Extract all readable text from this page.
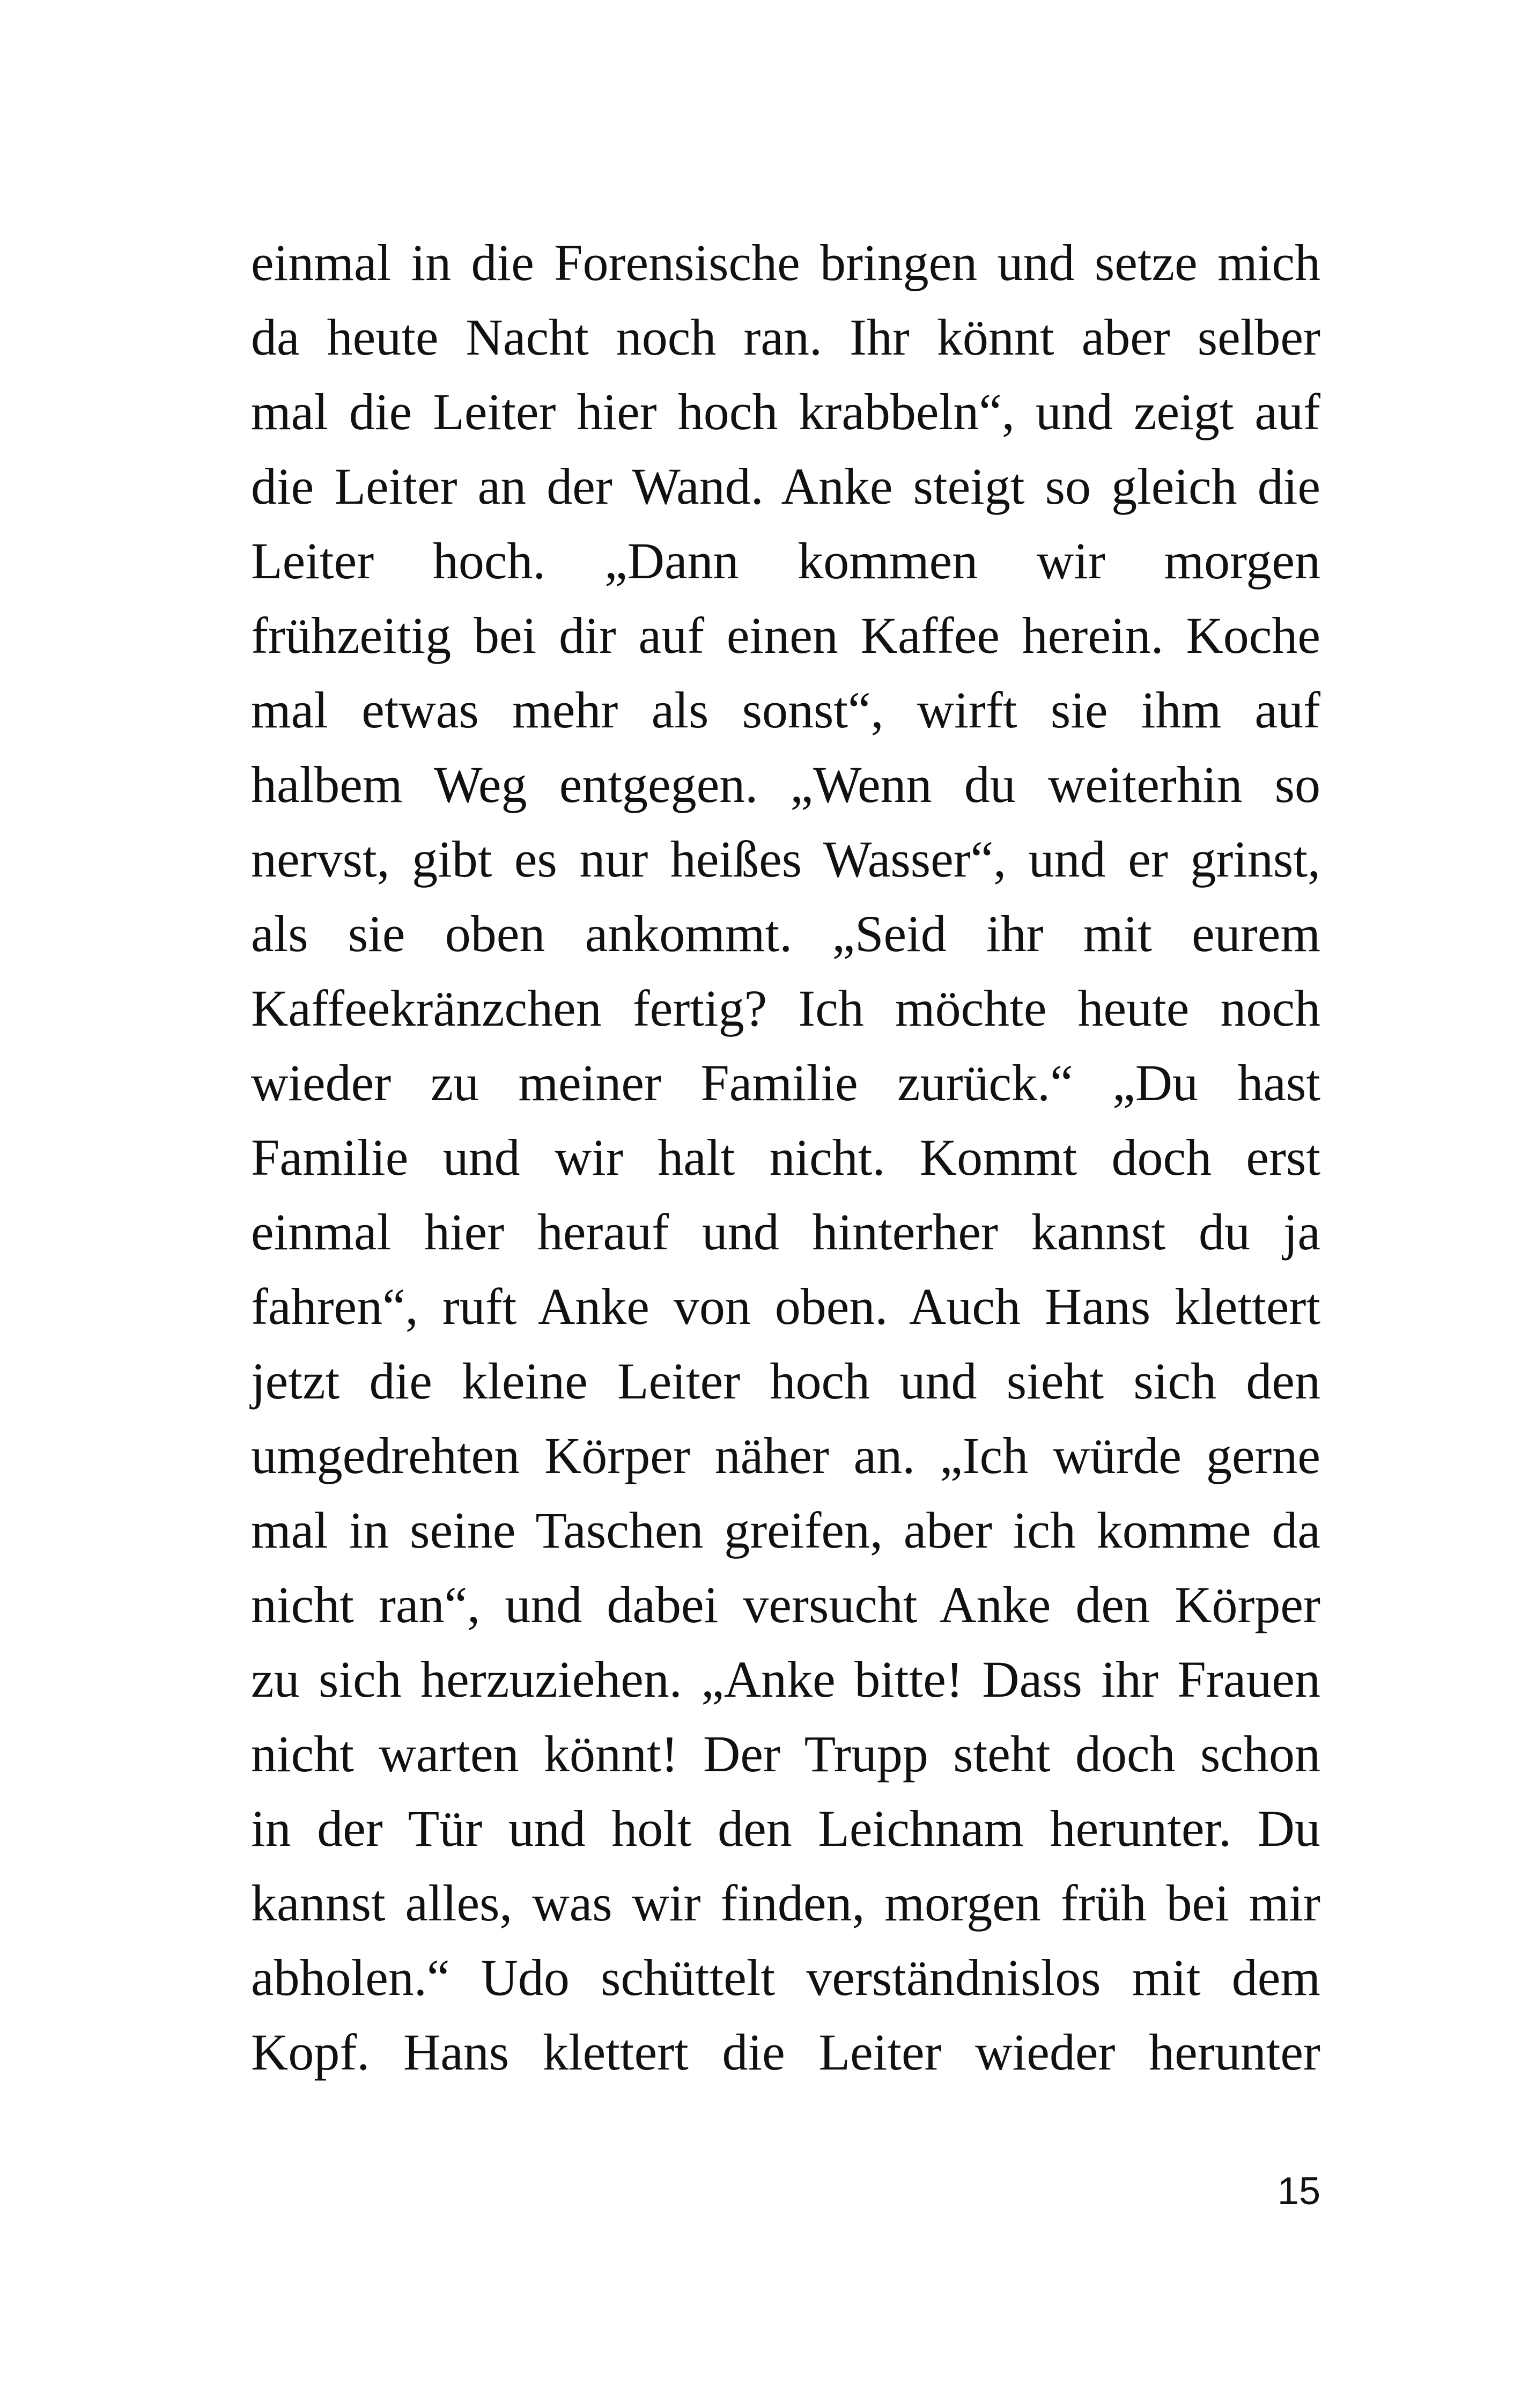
einmal in die Forensische bringen und setze mich
da heute Nacht noch ran. Ihr könnt aber selber
mal die Leiter hier hoch krabbeln“, und zeigt auf
die Leiter an der Wand. Anke steigt so gleich die
Leiter hoch. „Dann kommen wir morgen
frühzeitig bei dir auf einen Kaffee herein. Koche
mal etwas mehr als sonst“, wirft sie ihm auf
halbem Weg entgegen. „Wenn du weiterhin so
nervst, gibt es nur heißes Wasser“, und er grinst,
als sie oben ankommt. „Seid ihr mit eurem
Kaffeekränzchen fertig? Ich möchte heute noch
wieder zu meiner Familie zurück.“ „Du hast
Familie und wir halt nicht. Kommt doch erst
einmal hier herauf und hinterher kannst du ja
fahren“, ruft Anke von oben. Auch Hans klettert
jetzt die kleine Leiter hoch und sieht sich den
umgedrehten Körper näher an. „Ich würde gerne
mal in seine Taschen greifen, aber ich komme da
nicht ran“, und dabei versucht Anke den Körper
zu sich herzuziehen. „Anke bitte! Dass ihr Frauen
nicht warten könnt! Der Trupp steht doch schon
in der Tür und holt den Leichnam herunter. Du
kannst alles, was wir finden, morgen früh bei mir
abholen.“ Udo schüttelt verständnislos mit dem
Kopf. Hans klettert die Leiter wieder herunter
15
